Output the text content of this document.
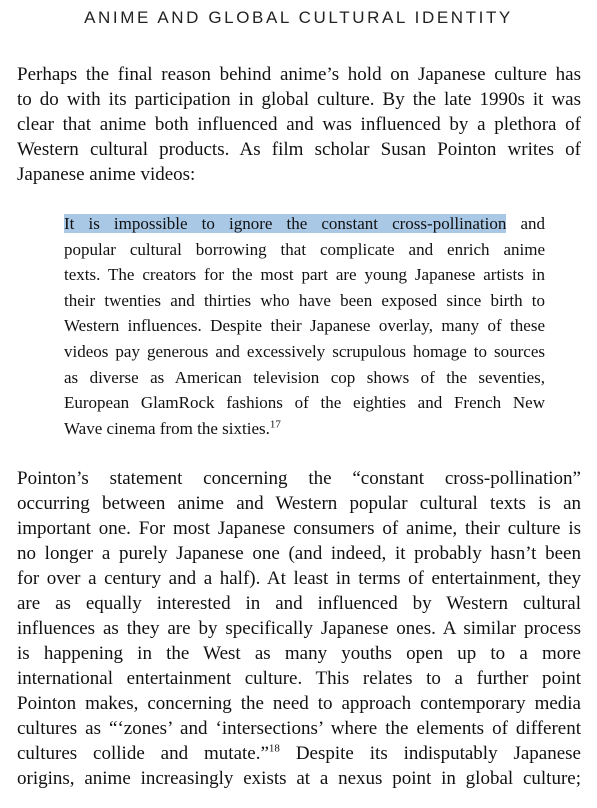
ANIME AND GLOBAL CULTURAL IDENTITY
Perhaps the final reason behind anime’s hold on Japanese culture has
to do with its participation in global culture. By the late 1990s it was
clear that anime both influenced and was influenced by a plethora of
Western cultural products. As film scholar Susan Pointon writes of
Japanese anime videos:
It is impossible to ignore the constant cross-pollination and
popular cultural borrowing that complicate and enrich anime
texts. The creators for the most part are young Japanese artists in
their twenties and thirties who have been exposed since birth to
Western influences. Despite their Japanese overlay, many of these
videos pay generous and excessively scrupulous homage to sources
as diverse as American television cop shows of the seventies,
European GlamRock fashions of the eighties and French New
Wave cinema from the sixties.$^{17}$
Pointon’s statement concerning the “constant cross-pollination”
occurring between anime and Western popular cultural texts is an
important one. For most Japanese consumers of anime, their culture is
no longer a purely Japanese one (and indeed, it probably hasn’t been
for over a century and a half). At least in terms of entertainment, they
are as equally interested in and influenced by Western cultural
influences as they are by specifically Japanese ones. A similar process
is happening in the West as many youths open up to a more
international entertainment culture. This relates to a further point
Pointon makes, concerning the need to approach contemporary media
cultures as “‘zones’ and ‘intersections’ where the elements of different
cultures collide and mutate.”$^{18}$ Despite its indisputably Japanese
origins, anime increasingly exists at a nexus point in global culture;
